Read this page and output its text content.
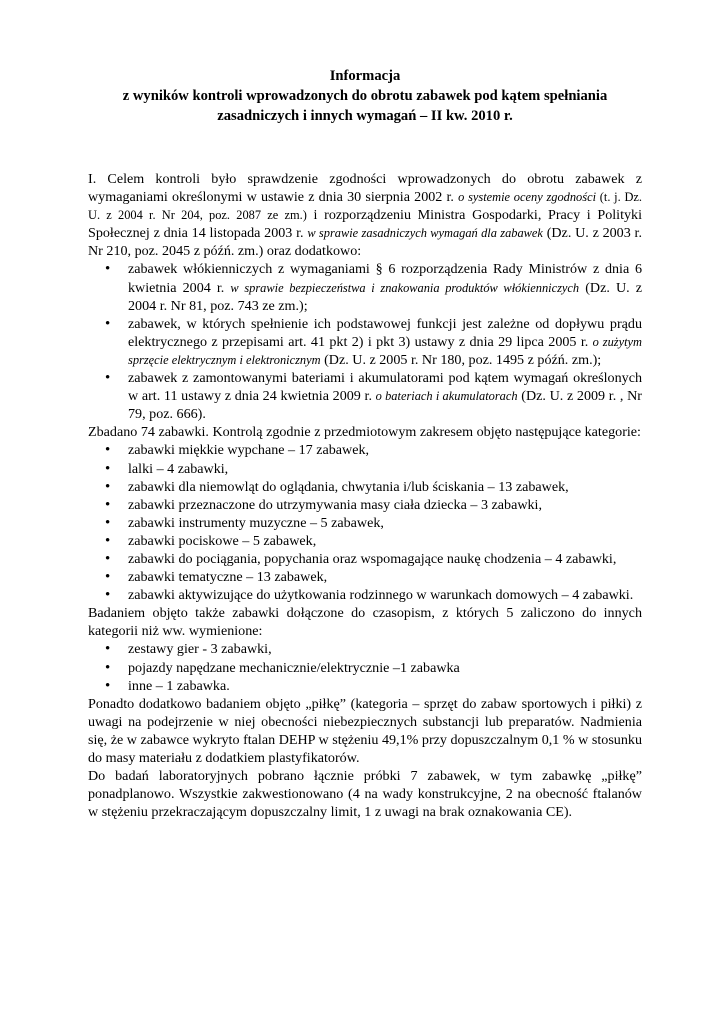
Informacja
z wyników kontroli wprowadzonych do obrotu zabawek pod kątem spełniania
zasadniczych i innych wymagań – II kw. 2010 r.

I. Celem kontroli było sprawdzenie zgodności wprowadzonych do obrotu zabawek z wymaganiami określonymi w ustawie z dnia 30 sierpnia 2002 r. o systemie oceny zgodności (t. j. Dz. U. z 2004 r. Nr 204, poz. 2087 ze zm.) i rozporządzeniu Ministra Gospodarki, Pracy i Polityki Społecznej z dnia 14 listopada 2003 r. w sprawie zasadniczych wymagań dla zabawek (Dz. U. z 2003 r. Nr 210, poz. 2045 z późń. zm.) oraz dodatkowo:

• zabawek włókienniczych z wymaganiami § 6 rozporządzenia Rady Ministrów z dnia 6 kwietnia 2004 r. w sprawie bezpieczeństwa i znakowania produktów włókienniczych (Dz. U. z 2004 r. Nr 81, poz. 743 ze zm.);
• zabawek, w których spełnienie ich podstawowej funkcji jest zależne od dopływu prądu elektrycznego z przepisami art. 41 pkt 2) i pkt 3) ustawy z dnia 29 lipca 2005 r. o zużytym sprzęcie elektrycznym i elektronicznym (Dz. U. z 2005 r. Nr 180, poz. 1495 z późń. zm.);
• zabawek z zamontowanymi bateriami i akumulatorami pod kątem wymagań określonych w art. 11 ustawy z dnia 24 kwietnia 2009 r. o bateriach i akumulatorach (Dz. U. z 2009 r. , Nr 79, poz. 666).

Zbadano 74 zabawki. Kontrolą zgodnie z przedmiotowym zakresem objęto następujące kategorie:

• zabawki miękkie wypchane – 17 zabawek,
• lalki – 4 zabawki,
• zabawki dla niemowląt do oglądania, chwytania i/lub ściskania – 13 zabawek,
• zabawki przeznaczone do utrzymywania masy ciała dziecka – 3 zabawki,
• zabawki instrumenty muzyczne – 5 zabawek,
• zabawki pociskowe – 5 zabawek,
• zabawki do pociągania, popychania oraz wspomagające naukę chodzenia – 4 zabawki,
• zabawki tematyczne – 13 zabawek,
• zabawki aktywizujące do użytkowania rodzinnego w warunkach domowych – 4 zabawki.

Badaniem objęto także zabawki dołączone do czasopism, z których 5 zaliczono do innych kategorii niż ww. wymienione:

• zestawy gier - 3 zabawki,
• pojazdy napędzane mechanicznie/elektrycznie –1 zabawka
• inne – 1 zabawka.

Ponadto dodatkowo badaniem objęto „piłkę” (kategoria – sprzęt do zabaw sportowych i piłki) z uwagi na podejrzenie w niej obecności niebezpiecznych substancji lub preparatów. Nadmienia się, że w zabawce wykryto ftalan DEHP w stężeniu 49,1% przy dopuszczalnym 0,1 % w stosunku do masy materiału z dodatkiem plastyfikatorów.

Do badań laboratoryjnych pobrano łącznie próbki 7 zabawek, w tym zabawkę „piłkę” ponadplanowo. Wszystkie zakwestionowano (4 na wady konstrukcyjne, 2 na obecność ftalanów w stężeniu przekraczającym dopuszczalny limit, 1 z uwagi na brak oznakowania CE).
